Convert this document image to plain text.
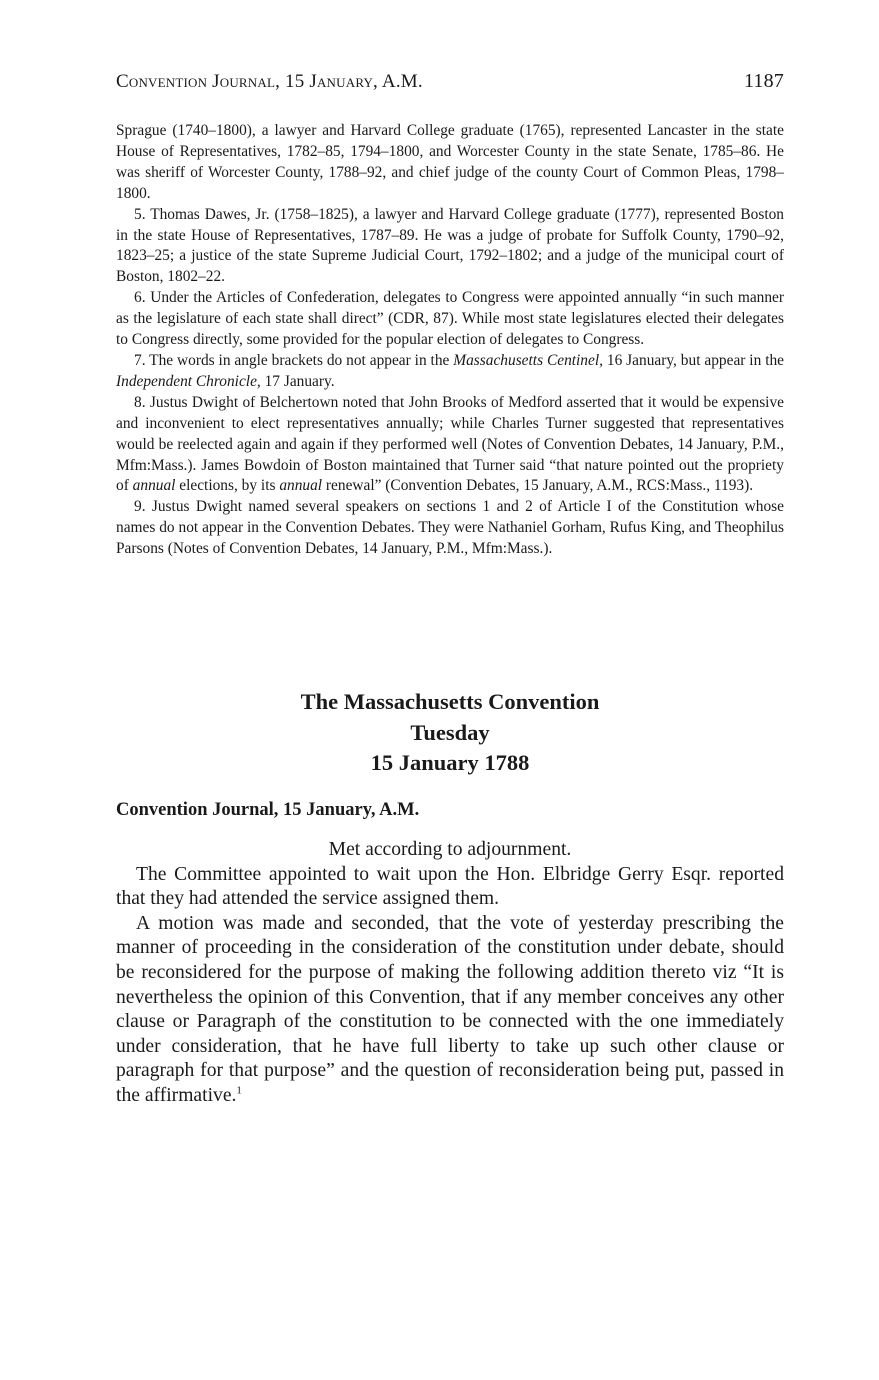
Convention Journal, 15 January, A.M.	1187

Sprague (1740–1800), a lawyer and Harvard College graduate (1765), represented Lancaster in the state House of Representatives, 1782–85, 1794–1800, and Worcester County in the state Senate, 1785–86. He was sheriff of Worcester County, 1788–92, and chief judge of the county Court of Common Pleas, 1798–1800.

5. Thomas Dawes, Jr. (1758–1825), a lawyer and Harvard College graduate (1777), represented Boston in the state House of Representatives, 1787–89. He was a judge of probate for Suffolk County, 1790–92, 1823–25; a justice of the state Supreme Judicial Court, 1792–1802; and a judge of the municipal court of Boston, 1802–22.

6. Under the Articles of Confederation, delegates to Congress were appointed annually “in such manner as the legislature of each state shall direct” (CDR, 87). While most state legislatures elected their delegates to Congress directly, some provided for the popular election of delegates to Congress.

7. The words in angle brackets do not appear in the Massachusetts Centinel, 16 January, but appear in the Independent Chronicle, 17 January.

8. Justus Dwight of Belchertown noted that John Brooks of Medford asserted that it would be expensive and inconvenient to elect representatives annually; while Charles Turner suggested that representatives would be reelected again and again if they performed well (Notes of Convention Debates, 14 January, P.M., Mfm:Mass.). James Bowdoin of Boston maintained that Turner said “that nature pointed out the propriety of annual elections, by its annual renewal” (Convention Debates, 15 January, A.M., RCS:Mass., 1193).

9. Justus Dwight named several speakers on sections 1 and 2 of Article I of the Constitution whose names do not appear in the Convention Debates. They were Nathaniel Gorham, Rufus King, and Theophilus Parsons (Notes of Convention Debates, 14 January, P.M., Mfm:Mass.).

The Massachusetts Convention
Tuesday
15 January 1788
Convention Journal, 15 January, A.M.

Met according to adjournment.

The Committee appointed to wait upon the Hon. Elbridge Gerry Esqr. reported that they had attended the service assigned them.

A motion was made and seconded, that the vote of yesterday prescribing the manner of proceeding in the consideration of the constitution under debate, should be reconsidered for the purpose of making the following addition thereto viz “It is nevertheless the opinion of this Convention, that if any member conceives any other clause or Paragraph of the constitution to be connected with the one immediately under consideration, that he have full liberty to take up such other clause or paragraph for that purpose” and the question of reconsideration being put, passed in the affirmative.$^1$
